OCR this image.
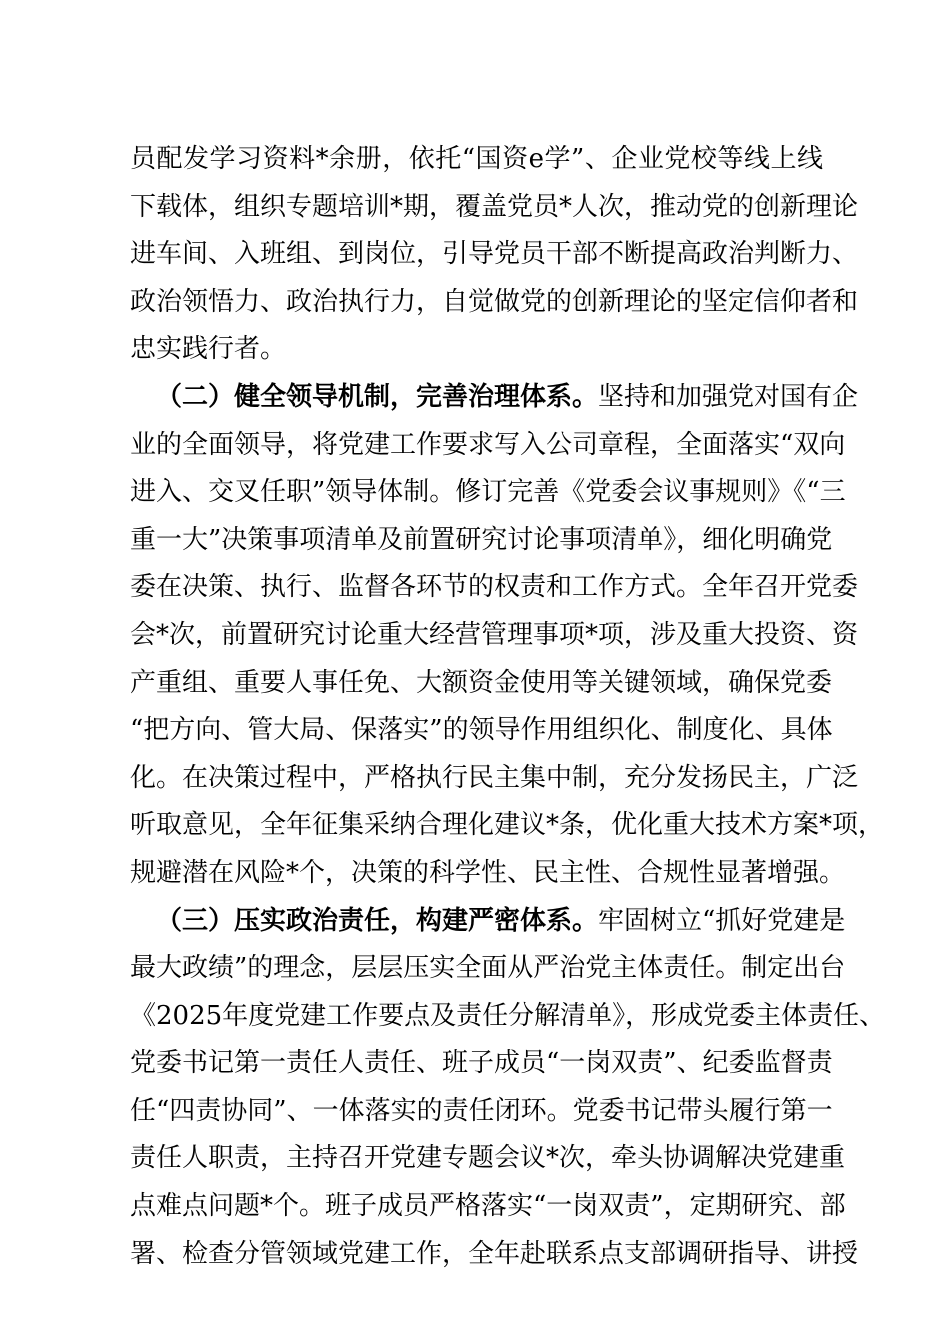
员配发学习资料*余册，依托“国资e学”、企业党校等线上线
下载体，组织专题培训*期，覆盖党员*人次，推动党的创新理论
进车间、入班组、到岗位，引导党员干部不断提高政治判断力、
政治领悟力、政治执行力，自觉做党的创新理论的坚定信仰者和
忠实践行者。
（二）健全领导机制，完善治理体系。坚持和加强党对国有企
业的全面领导，将党建工作要求写入公司章程，全面落实“双向
进入、交叉任职”领导体制。修订完善《党委会议事规则》《“三
重一大”决策事项清单及前置研究讨论事项清单》，细化明确党
委在决策、执行、监督各环节的权责和工作方式。全年召开党委
会*次，前置研究讨论重大经营管理事项*项，涉及重大投资、资
产重组、重要人事任免、大额资金使用等关键领域，确保党委
“把方向、管大局、保落实”的领导作用组织化、制度化、具体
化。在决策过程中，严格执行民主集中制，充分发扬民主，广泛
听取意见，全年征集采纳合理化建议*条，优化重大技术方案*项，
规避潜在风险*个，决策的科学性、民主性、合规性显著增强。
（三）压实政治责任，构建严密体系。牢固树立“抓好党建是
最大政绩”的理念，层层压实全面从严治党主体责任。制定出台
《2025年度党建工作要点及责任分解清单》，形成党委主体责任、
党委书记第一责任人责任、班子成员“一岗双责”、纪委监督责
任“四责协同”、一体落实的责任闭环。党委书记带头履行第一
责任人职责，主持召开党建专题会议*次，牵头协调解决党建重
点难点问题*个。班子成员严格落实“一岗双责”，定期研究、部
署、检查分管领域党建工作，全年赴联系点支部调研指导、讲授
